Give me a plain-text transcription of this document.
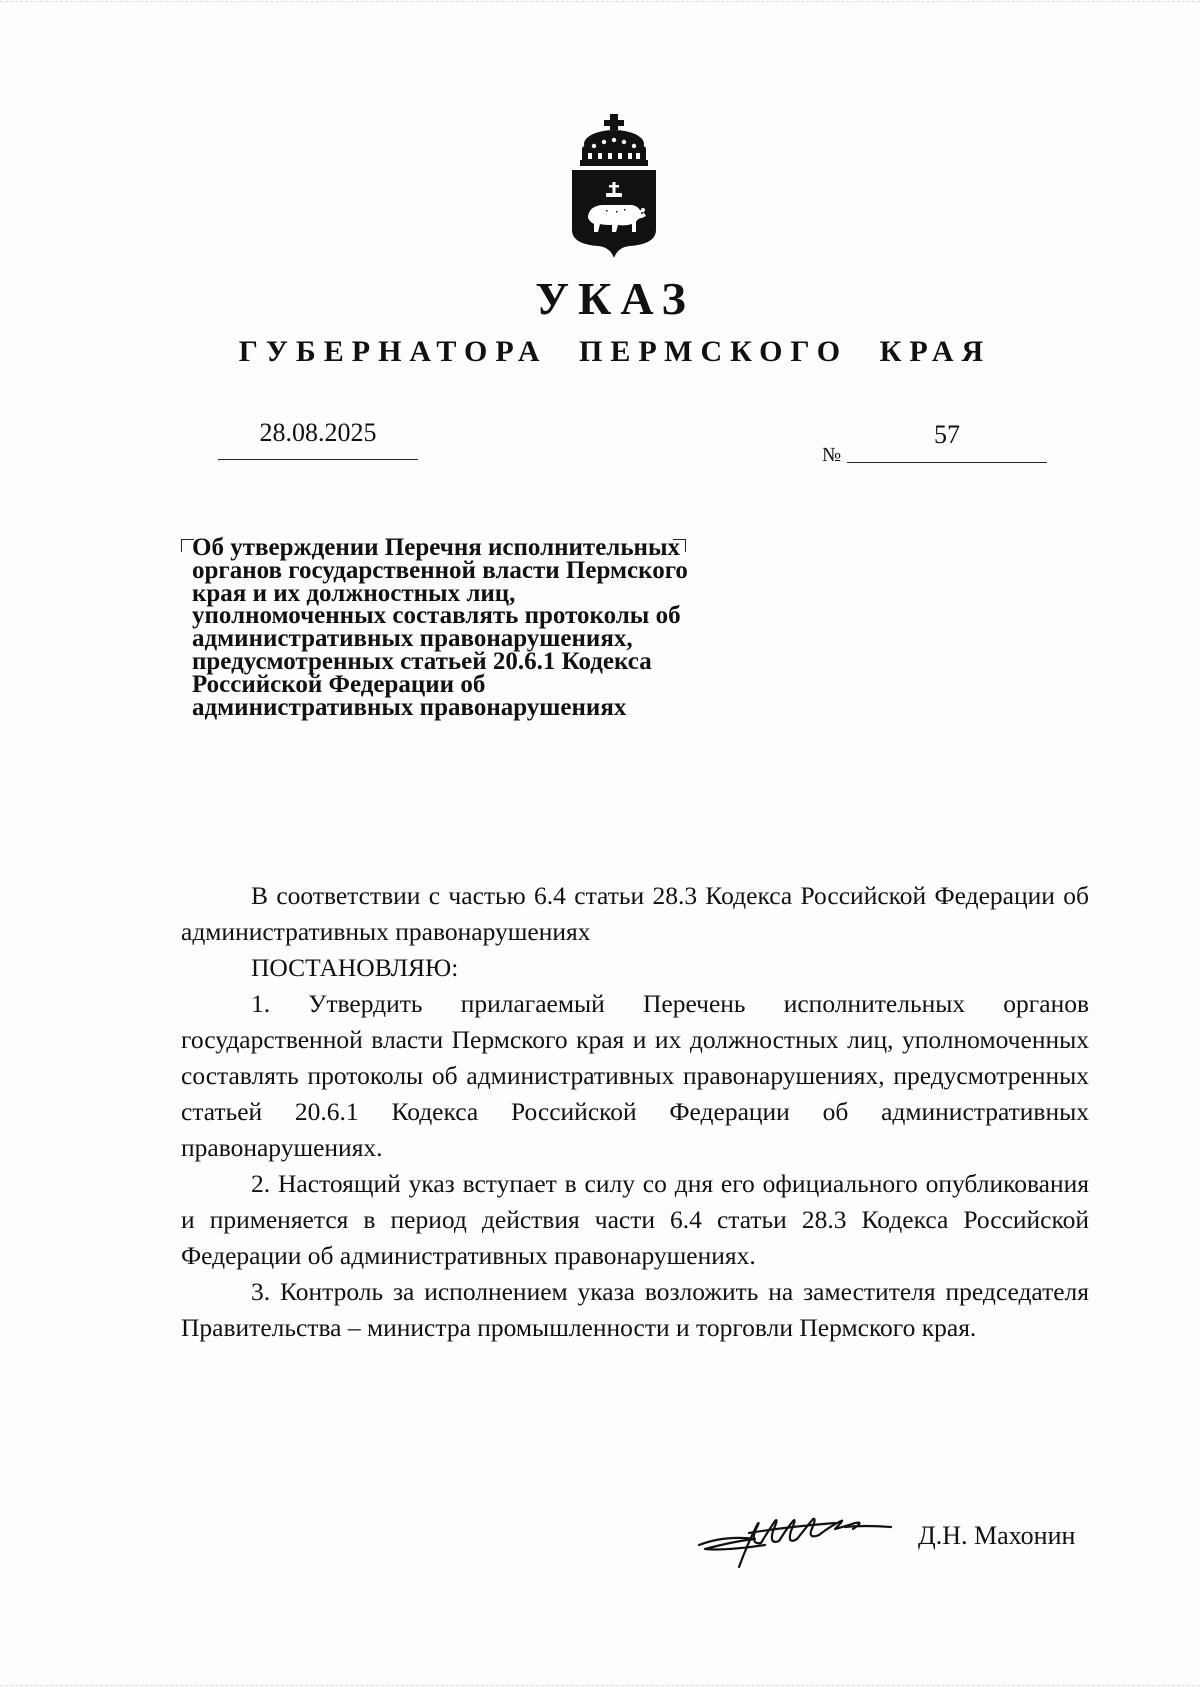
УКАЗ
ГУБЕРНАТОРА ПЕРМСКОГО КРАЯ
28.08.2025
№
57
Об утверждении Перечня исполнительных органов государственной власти Пермского края и их должностных лиц, уполномоченных составлять протоколы об административных правонарушениях, предусмотренных статьей 20.6.1 Кодекса Российской Федерации об административных правонарушениях

В соответствии с частью 6.4 статьи 28.3 Кодекса Российской Федерации об административных правонарушениях

ПОСТАНОВЛЯЮ:

1. Утвердить прилагаемый Перечень исполнительных органов государственной власти Пермского края и их должностных лиц, уполномоченных составлять протоколы об административных правонарушениях, предусмотренных статьей 20.6.1 Кодекса Российской Федерации об административных правонарушениях.

2. Настоящий указ вступает в силу со дня его официального опубликования и применяется в период действия части 6.4 статьи 28.3 Кодекса Российской Федерации об административных правонарушениях.

3. Контроль за исполнением указа возложить на заместителя председателя Правительства – министра промышленности и торговли Пермского края.

Д.Н. Махонин
